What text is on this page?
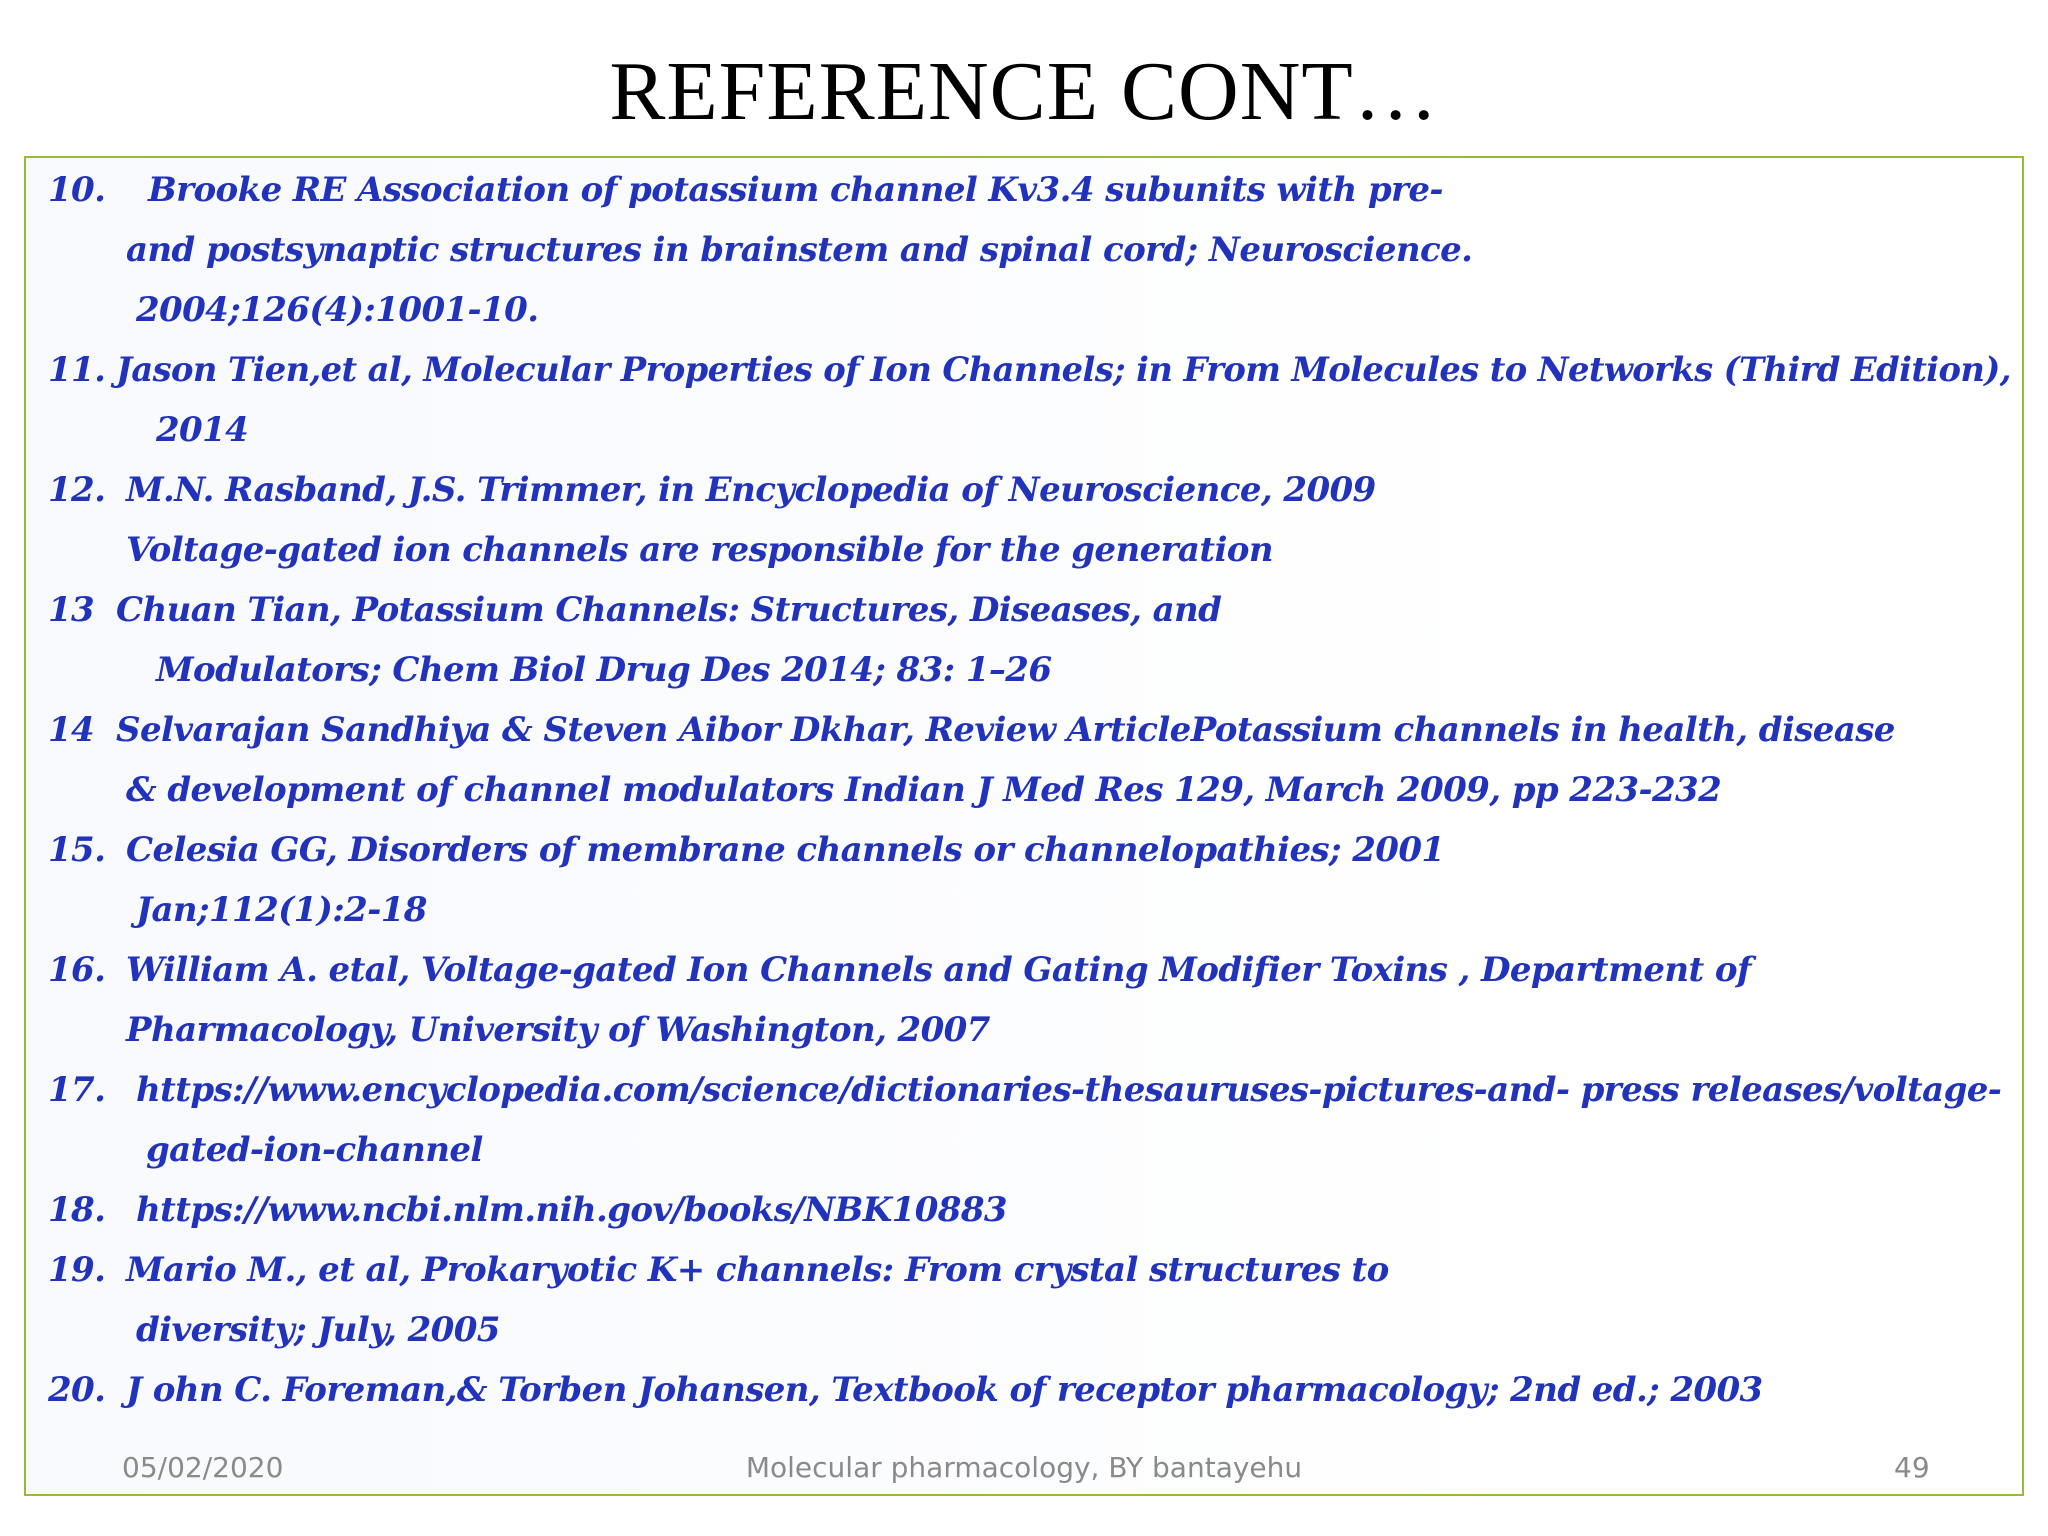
REFERENCE CONT…
10. Brooke RE Association of potassium channel Kv3.4 subunits with pre-
and postsynaptic structures in brainstem and spinal cord; Neuroscience.
2004;126(4):1001-10.
11. Jason Tien,et al, Molecular Properties of Ion Channels; in From Molecules to Networks (Third Edition),
2014
12. M.N. Rasband, J.S. Trimmer, in Encyclopedia of Neuroscience, 2009
Voltage-gated ion channels are responsible for the generation
13 Chuan Tian, Potassium Channels: Structures, Diseases, and
Modulators; Chem Biol Drug Des 2014; 83: 1–26
14 Selvarajan Sandhiya & Steven Aibor Dkhar, Review ArticlePotassium channels in health, disease
& development of channel modulators Indian J Med Res 129, March 2009, pp 223-232
15. Celesia GG, Disorders of membrane channels or channelopathies; 2001
Jan;112(1):2-18
16. William A. etal, Voltage-gated Ion Channels and Gating Modifier Toxins , Department of
Pharmacology, University of Washington, 2007
17. https://www.encyclopedia.com/science/dictionaries-thesauruses-pictures-and- press releases/voltage-
gated-ion-channel
18. https://www.ncbi.nlm.nih.gov/books/NBK10883
19. Mario M., et al, Prokaryotic K+ channels: From crystal structures to
diversity; July, 2005
20. J ohn C. Foreman,& Torben Johansen, Textbook of receptor pharmacology; 2nd ed.; 2003
05/02/2020	Molecular pharmacology, BY bantayehu	49
